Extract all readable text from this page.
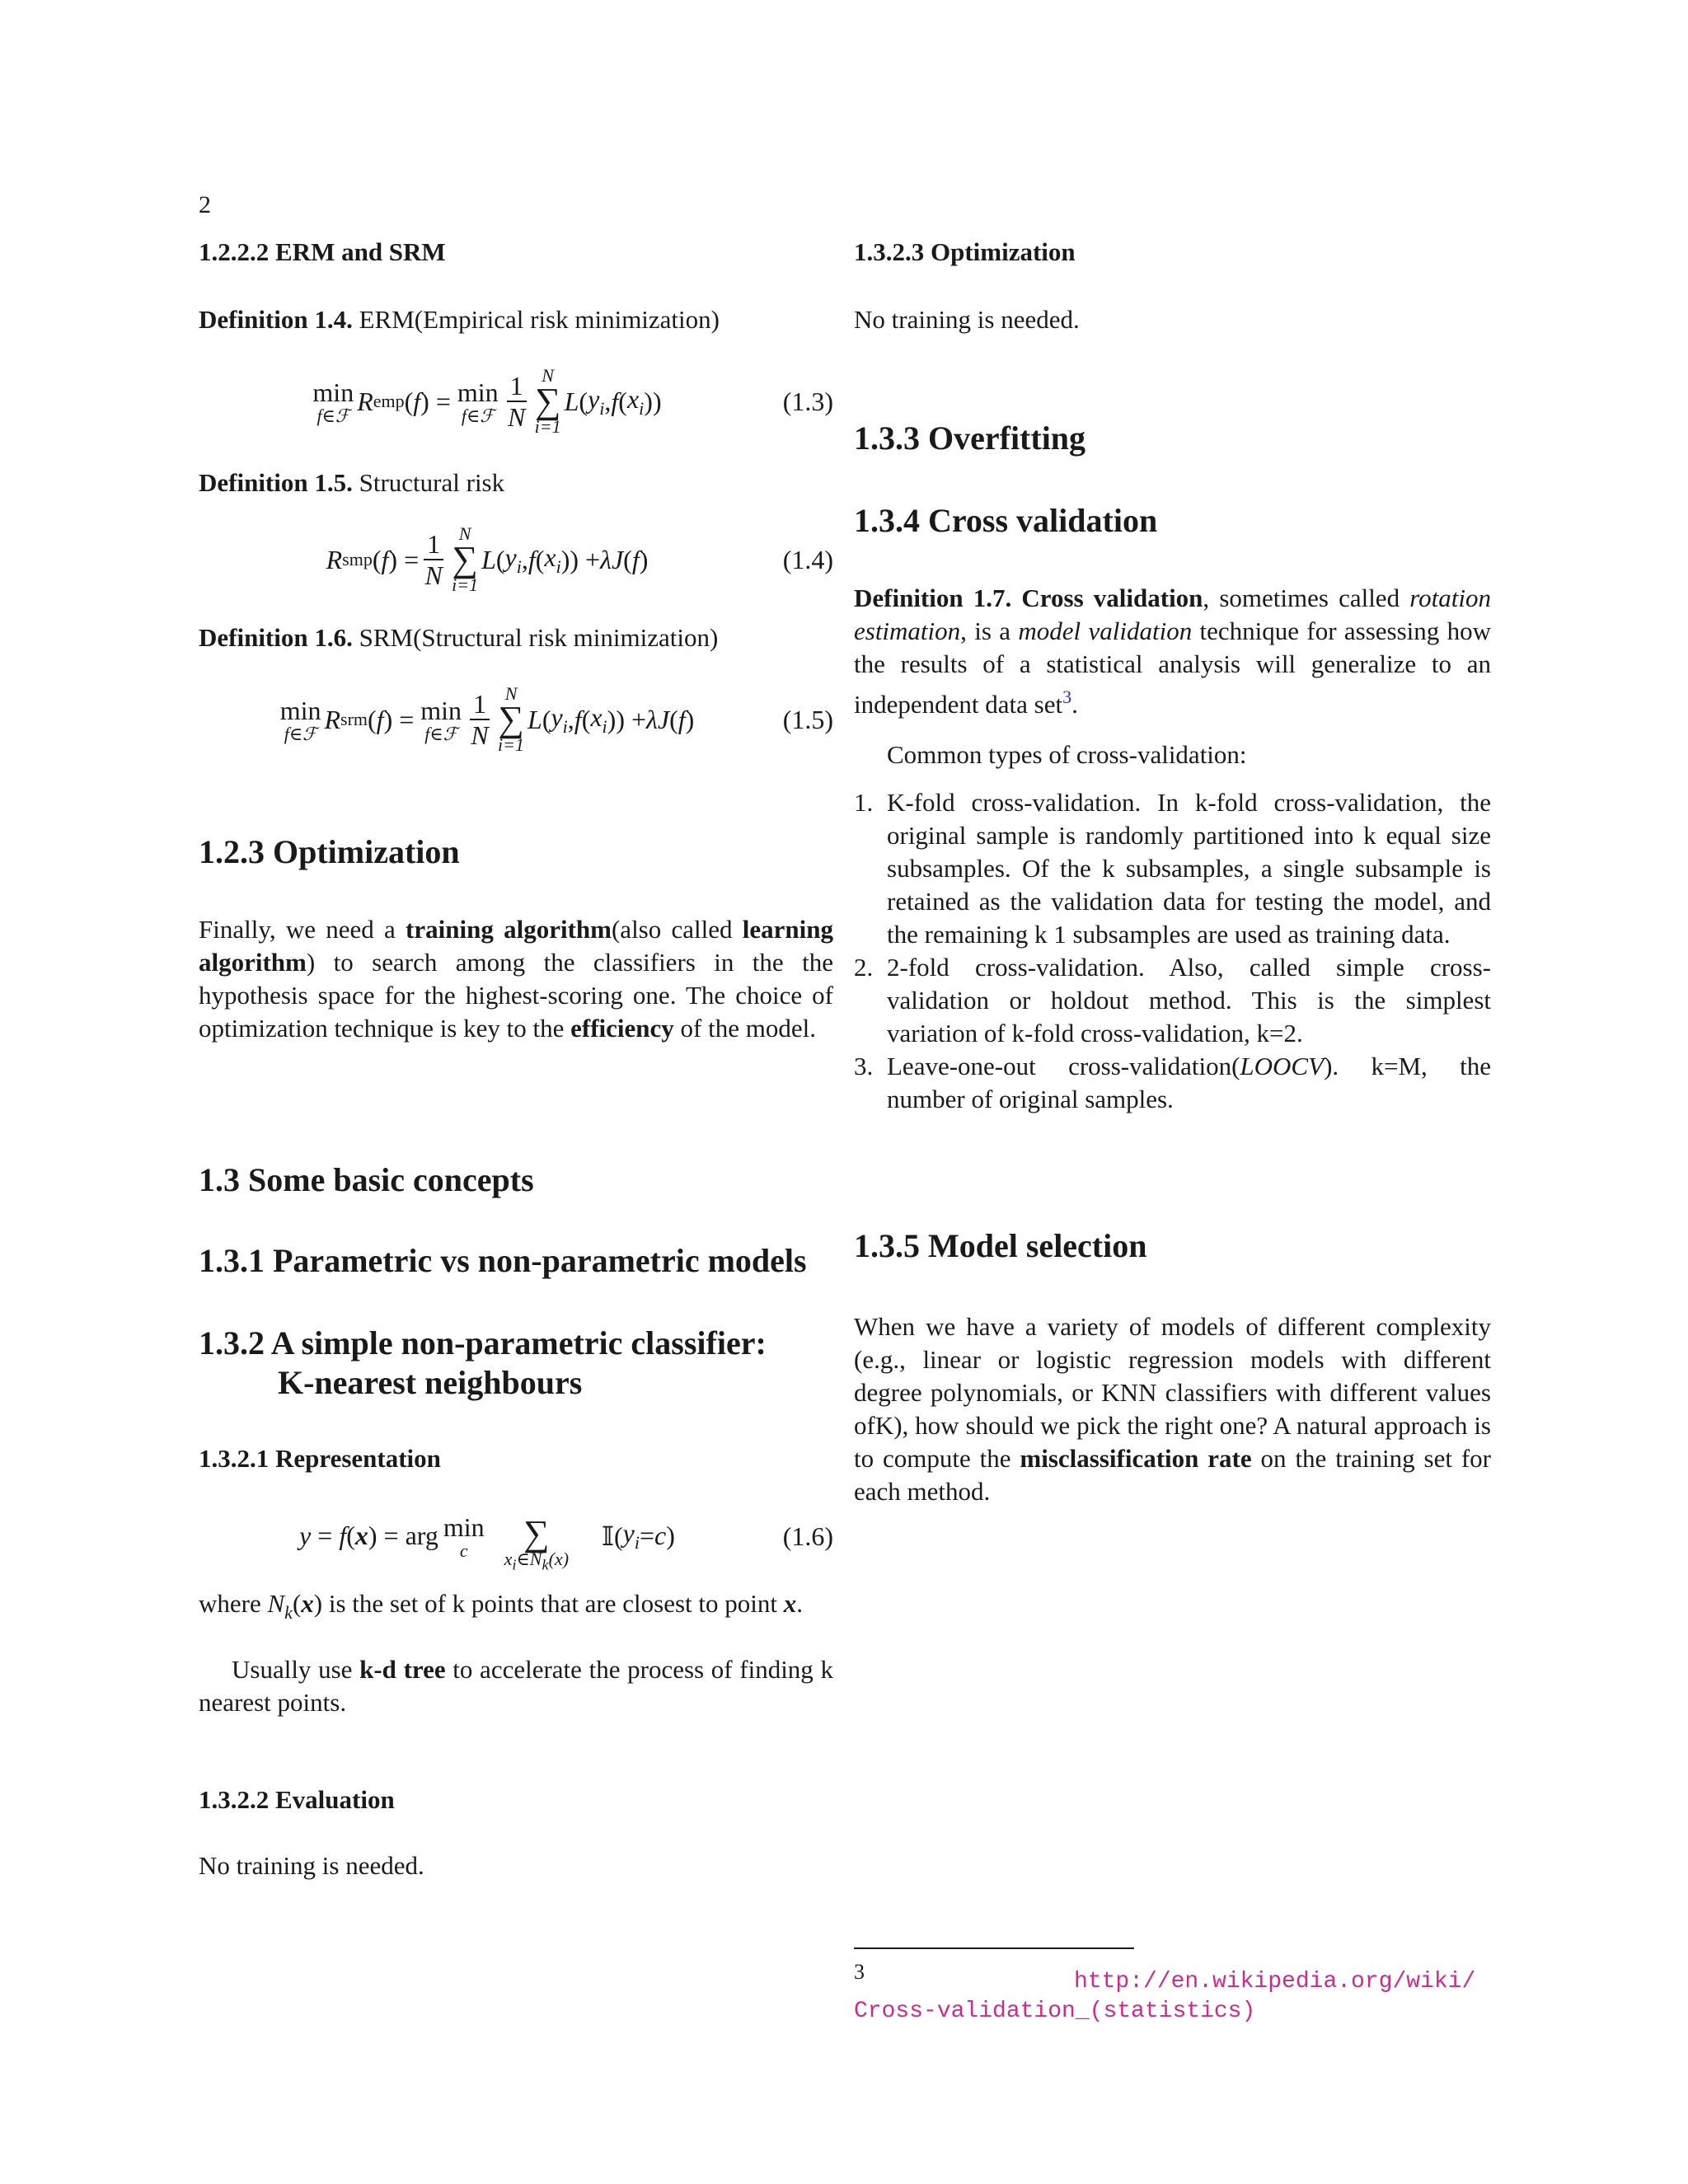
2
1.2.2.2 ERM and SRM
Definition 1.4. ERM(Empirical risk minimization)
min
f∈ℱ R emp ( f ) = min
f∈ℱ $\frac{1}{N}$ N
∑
i=1
L ( $y_i$ , f ( $x_i$ ))	(1.3)
Definition 1.5. Structural risk
R smp ( f ) = $\frac{1}{N}$ N
∑
i=1
L ( $y_i$ , f ( $x_i$ )) + λJ ( f )	(1.4)
Definition 1.6. SRM(Structural risk minimization)
min
f∈ℱ R srm ( f ) = min
f∈ℱ $\frac{1}{N}$ N
∑
i=1
L ( $y_i$ , f ( $x_i$ )) + λJ ( f )	(1.5)
1.2.3 Optimization
Finally, we need a training algorithm(also called learning algorithm) to search among the classifiers in the the hypothesis space for the highest-scoring one. The choice of optimization technique is key to the efficiency of the model.
1.3 Some basic concepts
1.3.1 Parametric vs non-parametric models
1.3.2 A simple non-parametric classifier:
K-nearest neighbours
1.3.2.1 Representation
y = f ( x ) = arg min
c
∑
$x_i\in N_k(x)$
𝕀( $y_i = c$ )	(1.6)
where $N_k(x)$ is the set of k points that are closest to point x.
Usually use k-d tree to accelerate the process of finding k nearest points.
1.3.2.2 Evaluation
No training is needed.
1.3.2.3 Optimization
No training is needed.
1.3.3 Overfitting
1.3.4 Cross validation
Definition 1.7. Cross validation, sometimes called rotation estimation, is a model validation technique for assessing how the results of a statistical analysis will generalize to an independent data set$^3$.
Common types of cross-validation:
1. K-fold cross-validation. In k-fold cross-validation, the original sample is randomly partitioned into k equal size subsamples. Of the k subsamples, a single subsample is retained as the validation data for testing the model, and the remaining k 1 subsamples are used as training data.
2. 2-fold cross-validation. Also, called simple cross-validation or holdout method. This is the simplest variation of k-fold cross-validation, k=2.
3. Leave-one-out cross-validation(LOOCV). k=M, the number of original samples.
1.3.5 Model selection
When we have a variety of models of different complexity (e.g., linear or logistic regression models with different degree polynomials, or KNN classifiers with different values ofK), how should we pick the right one? A natural approach is to compute the misclassification rate on the training set for each method.
3	http://en.wikipedia.org/wiki/
Cross-validation_(statistics)
